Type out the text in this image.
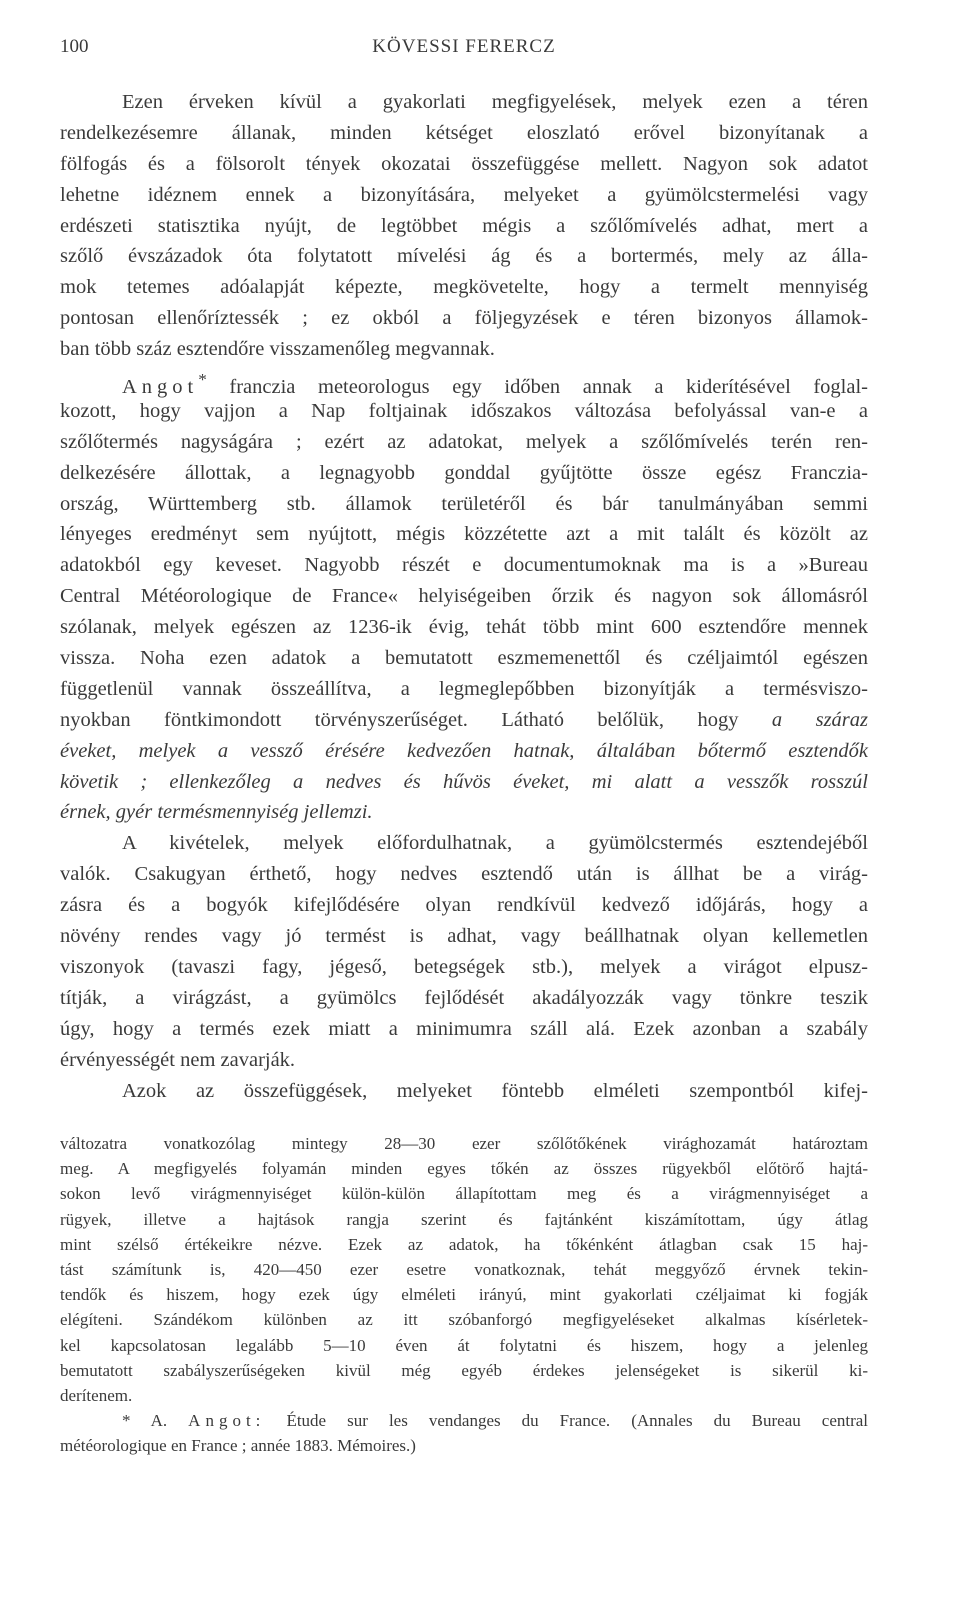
100	KÖVESSI FERERCZ
Ezen érveken kívül a gyakorlati megfigyelések, melyek ezen a téren
rendelkezésemre állanak, minden kétséget eloszlató erővel bizonyítanak a
fölfogás és a fölsorolt tények okozatai összefüggése mellett. Nagyon sok adatot
lehetne idéznem ennek a bizonyítására, melyeket a gyümölcstermelési vagy
erdészeti statisztika nyújt, de legtöbbet mégis a szőlőmívelés adhat, mert a
szőlő évszázadok óta folytatott mívelési ág és a bortermés, mely az álla-
mok tetemes adóalapját képezte, megkövetelte, hogy a termelt mennyiség
pontosan ellenőríztessék ; ez okból a följegyzések e téren bizonyos államok-
ban több száz esztendőre visszamenőleg megvannak.
Angot* franczia meteorologus egy időben annak a kiderítésével foglal-
kozott, hogy vajjon a Nap foltjainak időszakos változása befolyással van-e a
szőlőtermés nagyságára ; ezért az adatokat, melyek a szőlőmívelés terén ren-
delkezésére állottak, a legnagyobb gonddal gyűjtötte össze egész Franczia-
ország, Württemberg stb. államok területéről és bár tanulmányában semmi
lényeges eredményt sem nyújtott, mégis közzétette azt a mit talált és közölt az
adatokból egy keveset. Nagyobb részét e documentumoknak ma is a »Bureau
Central Météorologique de France« helyiségeiben őrzik és nagyon sok állomásról
szólanak, melyek egészen az 1236-ik évig, tehát több mint 600 esztendőre mennek
vissza. Noha ezen adatok a bemutatott eszmemenettől és czéljaimtól egészen
függetlenül vannak összeállítva, a legmeglepőbben bizonyítják a termésviszo-
nyokban föntkimondott törvényszerűséget. Látható belőlük, hogy a száraz
éveket, melyek a vessző érésére kedvezően hatnak, általában bőtermő esztendők
követik ; ellenkezőleg a nedves és hűvös éveket, mi alatt a vesszők rosszúl
érnek, gyér termésmennyiség jellemzi.
A kivételek, melyek előfordulhatnak, a gyümölcstermés esztendejéből
valók. Csakugyan érthető, hogy nedves esztendő után is állhat be a virág-
zásra és a bogyók kifejlődésére olyan rendkívül kedvező időjárás, hogy a
növény rendes vagy jó termést is adhat, vagy beállhatnak olyan kellemetlen
viszonyok (tavaszi fagy, jégeső, betegségek stb.), melyek a virágot elpusz-
títják, a virágzást, a gyümölcs fejlődését akadályozzák vagy tönkre teszik
úgy, hogy a termés ezek miatt a minimumra száll alá. Ezek azonban a szabály
érvényességét nem zavarják.
Azok az összefüggések, melyeket föntebb elméleti szempontból kifej-
változatra vonatkozólag mintegy 28—30 ezer szőlőtőkének virághozamát határoztam
meg. A megfigyelés folyamán minden egyes tőkén az összes rügyekből előtörő hajtá-
sokon levő virágmennyiséget külön-külön állapítottam meg és a virágmennyiséget a
rügyek, illetve a hajtások rangja szerint és fajtánként kiszámítottam, úgy átlag
mint szélső értékeikre nézve. Ezek az adatok, ha tőkénként átlagban csak 15 haj-
tást számítunk is, 420—450 ezer esetre vonatkoznak, tehát meggyőző érvnek tekin-
tendők és hiszem, hogy ezek úgy elméleti irányú, mint gyakorlati czéljaimat ki fogják
elégíteni. Szándékom különben az itt szóbanforgó megfigyeléseket alkalmas kísérletek-
kel kapcsolatosan legalább 5—10 éven át folytatni és hiszem, hogy a jelenleg
bemutatott szabályszerűségeken kivül még egyéb érdekes jelenségeket is sikerül ki-
derítenem.
* A. Angot: Étude sur les vendanges du France. (Annales du Bureau central
météorologique en France ; année 1883. Mémoires.)
